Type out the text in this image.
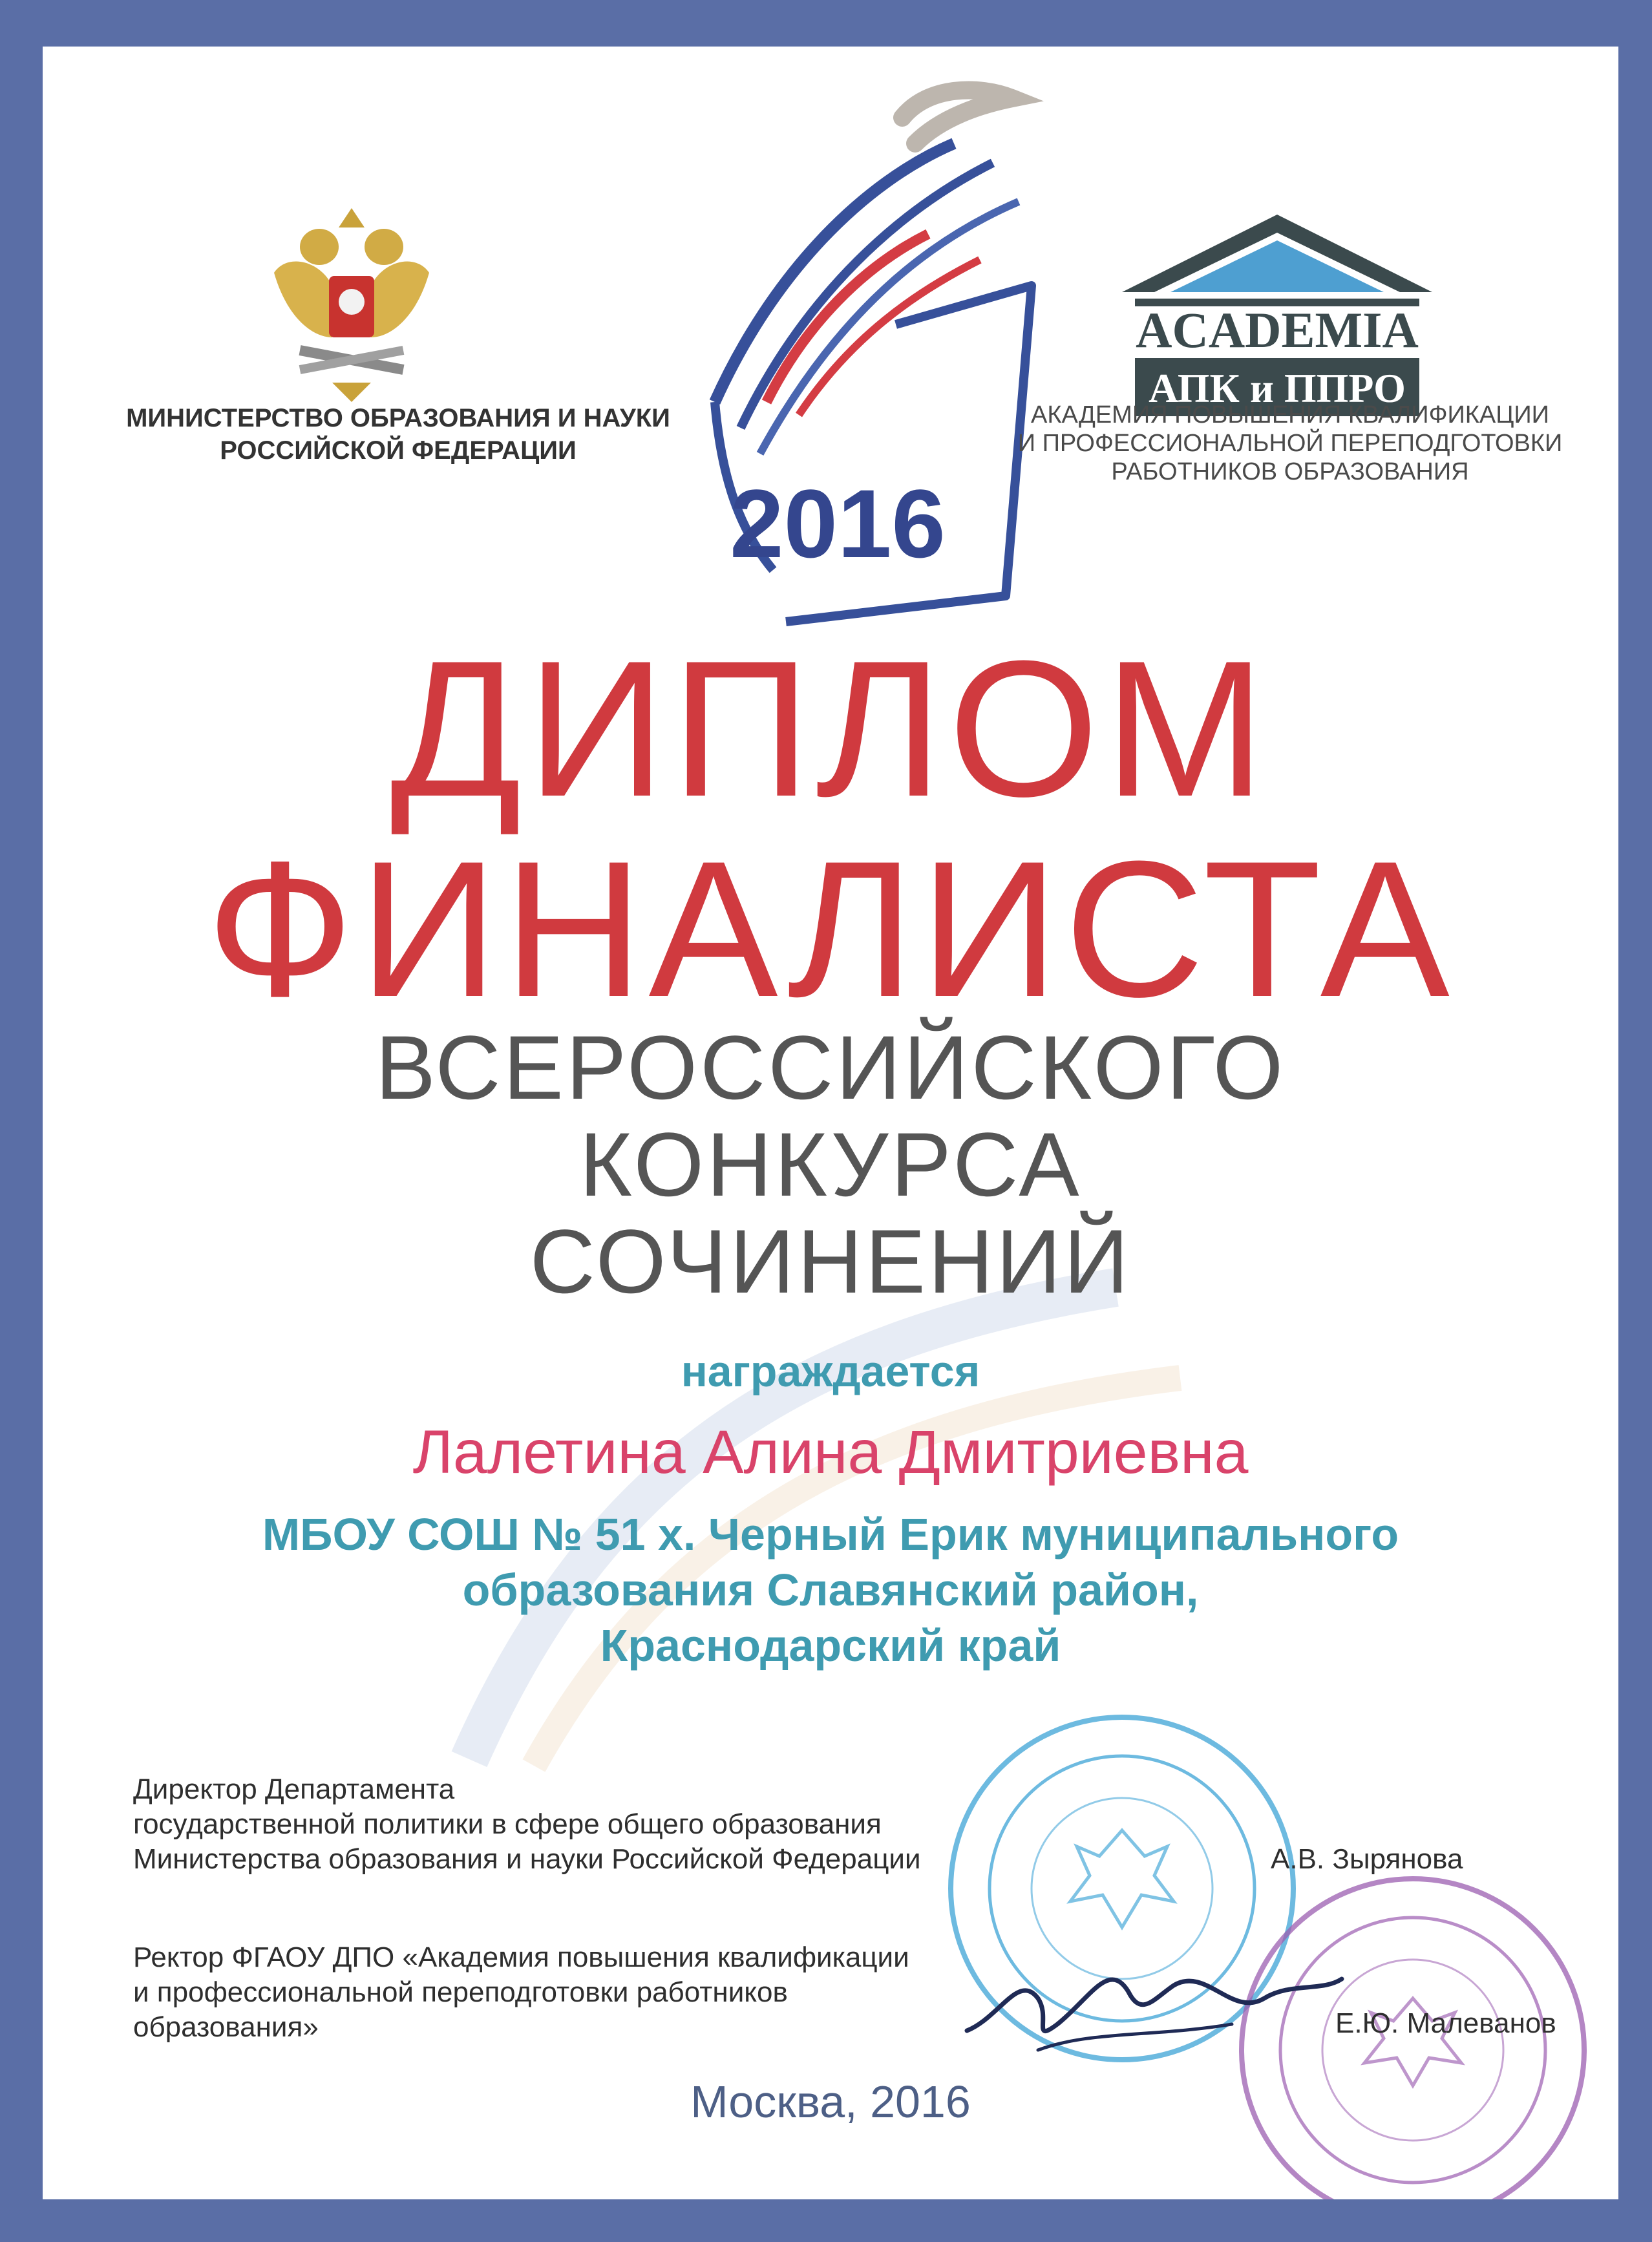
МИНИСТЕРСТВО ОБРАЗОВАНИЯ И НАУКИ
РОССИЙСКОЙ ФЕДЕРАЦИИ
2016
ACADEMIA
АПК и ППРО
АКАДЕМИЯ ПОВЫШЕНИЯ КВАЛИФИКАЦИИ
И ПРОФЕССИОНАЛЬНОЙ ПЕРЕПОДГОТОВКИ
РАБОТНИКОВ ОБРАЗОВАНИЯ
ДИПЛОМ
ФИНАЛИСТА
ВСЕРОССИЙСКОГО
КОНКУРСА
СОЧИНЕНИЙ
награждается
Лалетина Алина Дмитриевна
МБОУ СОШ № 51 х. Черный Ерик муниципального
образования Славянский район,
Краснодарский край
Директор Департамента
государственной политики в сфере общего образования
Министерства образования и науки Российской Федерации	А.В. Зырянова
Ректор ФГАОУ ДПО «Академия повышения квалификации
и профессиональной переподготовки работников образования»	Е.Ю. Малеванов
Москва, 2016
